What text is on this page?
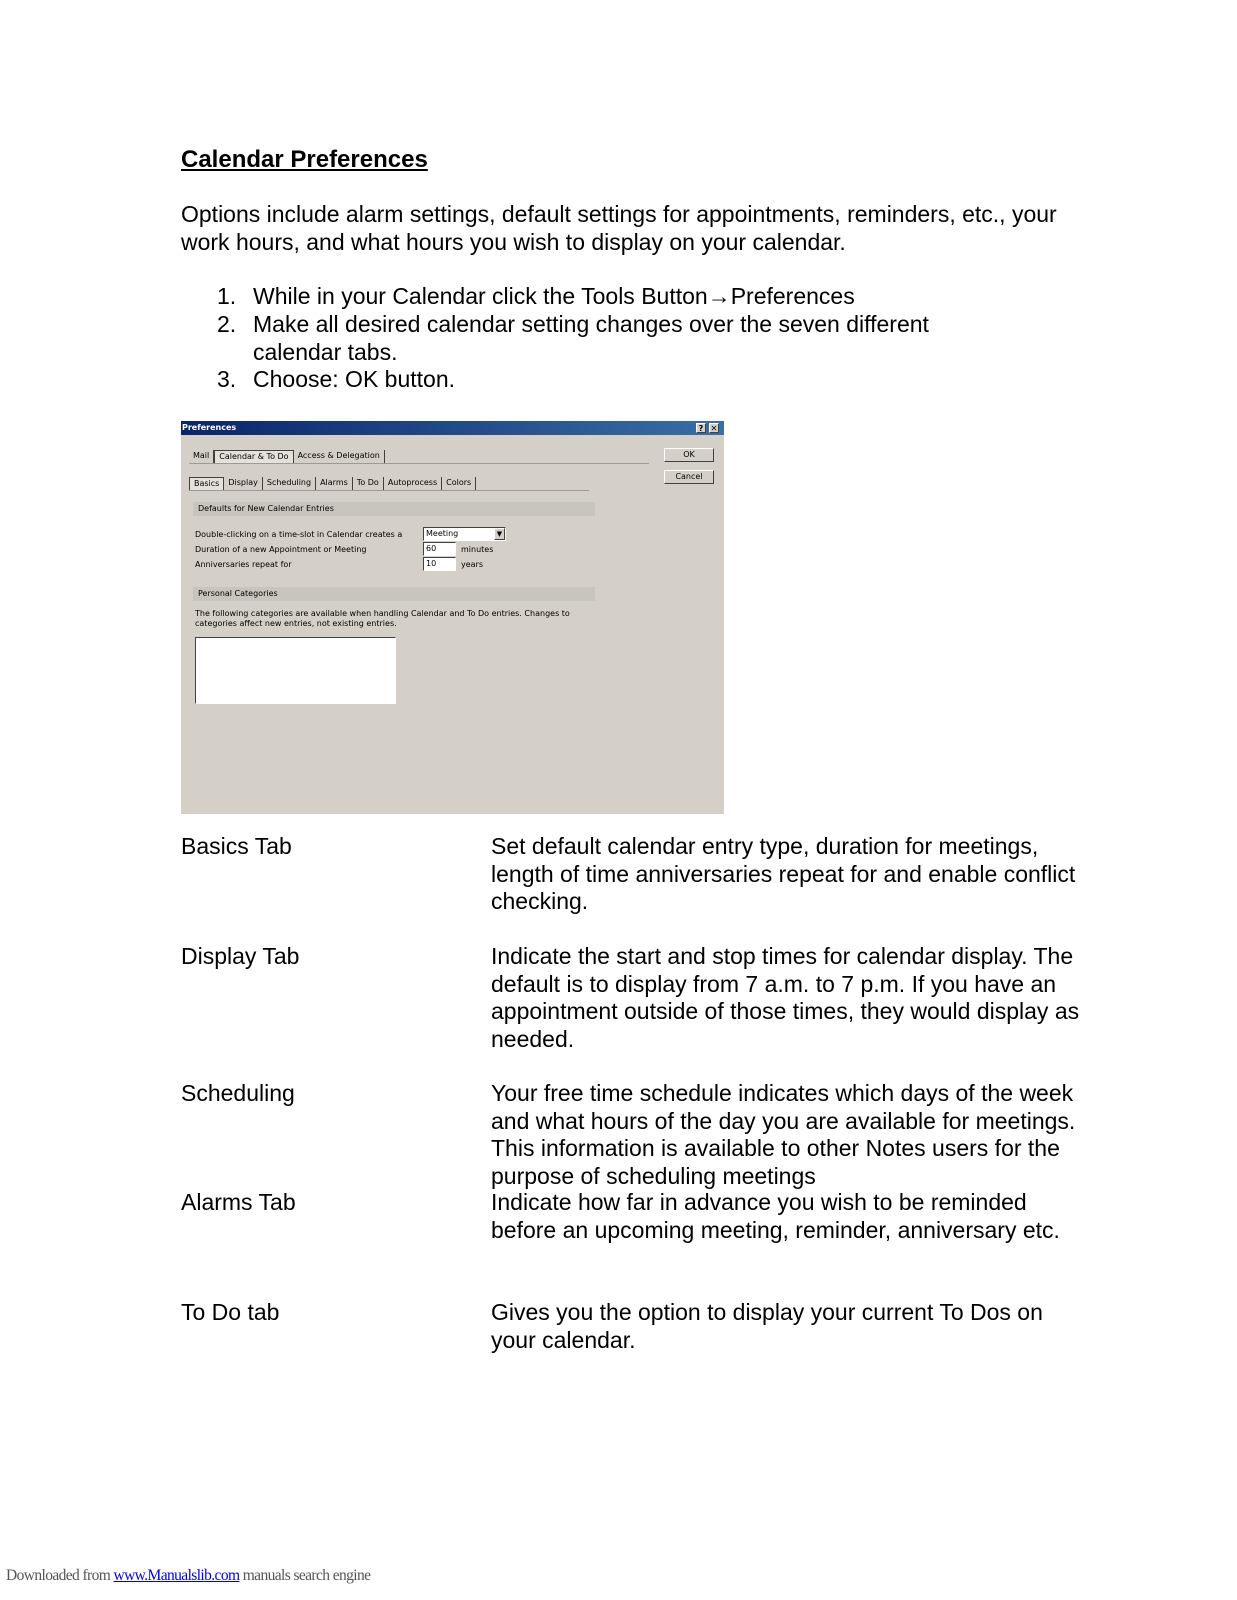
Calendar Preferences
Options include alarm settings, default settings for appointments, reminders, etc., your work hours, and what hours you wish to display on your calendar.
1. While in your Calendar click the Tools Button→Preferences
2. Make all desired calendar setting changes over the seven different calendar tabs.
3. Choose: OK button.
Preferences	? ✕
Mail	Calendar & To Do	Access & Delegation
Basics	Display	Scheduling	Alarms	To Do	Autoprocess	Colors
OK
Cancel
Defaults for New Calendar Entries
Double-clicking on a time-slot in Calendar creates a	Meeting	▼
Duration of a new Appointment or Meeting	60	minutes
Anniversaries repeat for	10	years
Personal Categories
The following categories are available when handling Calendar and To Do entries. Changes to
categories affect new entries, not existing entries.
Basics Tab	Set default calendar entry type, duration for meetings,
length of time anniversaries repeat for and enable conflict
checking.
Display Tab	Indicate the start and stop times for calendar display. The
default is to display from 7 a.m. to 7 p.m. If you have an
appointment outside of those times, they would display as
needed.
Scheduling	Your free time schedule indicates which days of the week
and what hours of the day you are available for meetings.
This information is available to other Notes users for the
purpose of scheduling meetings
Alarms Tab	Indicate how far in advance you wish to be reminded
before an upcoming meeting, reminder, anniversary etc.
To Do tab	Gives you the option to display your current To Dos on
your calendar.
Downloaded from www.Manualslib.com manuals search engine
